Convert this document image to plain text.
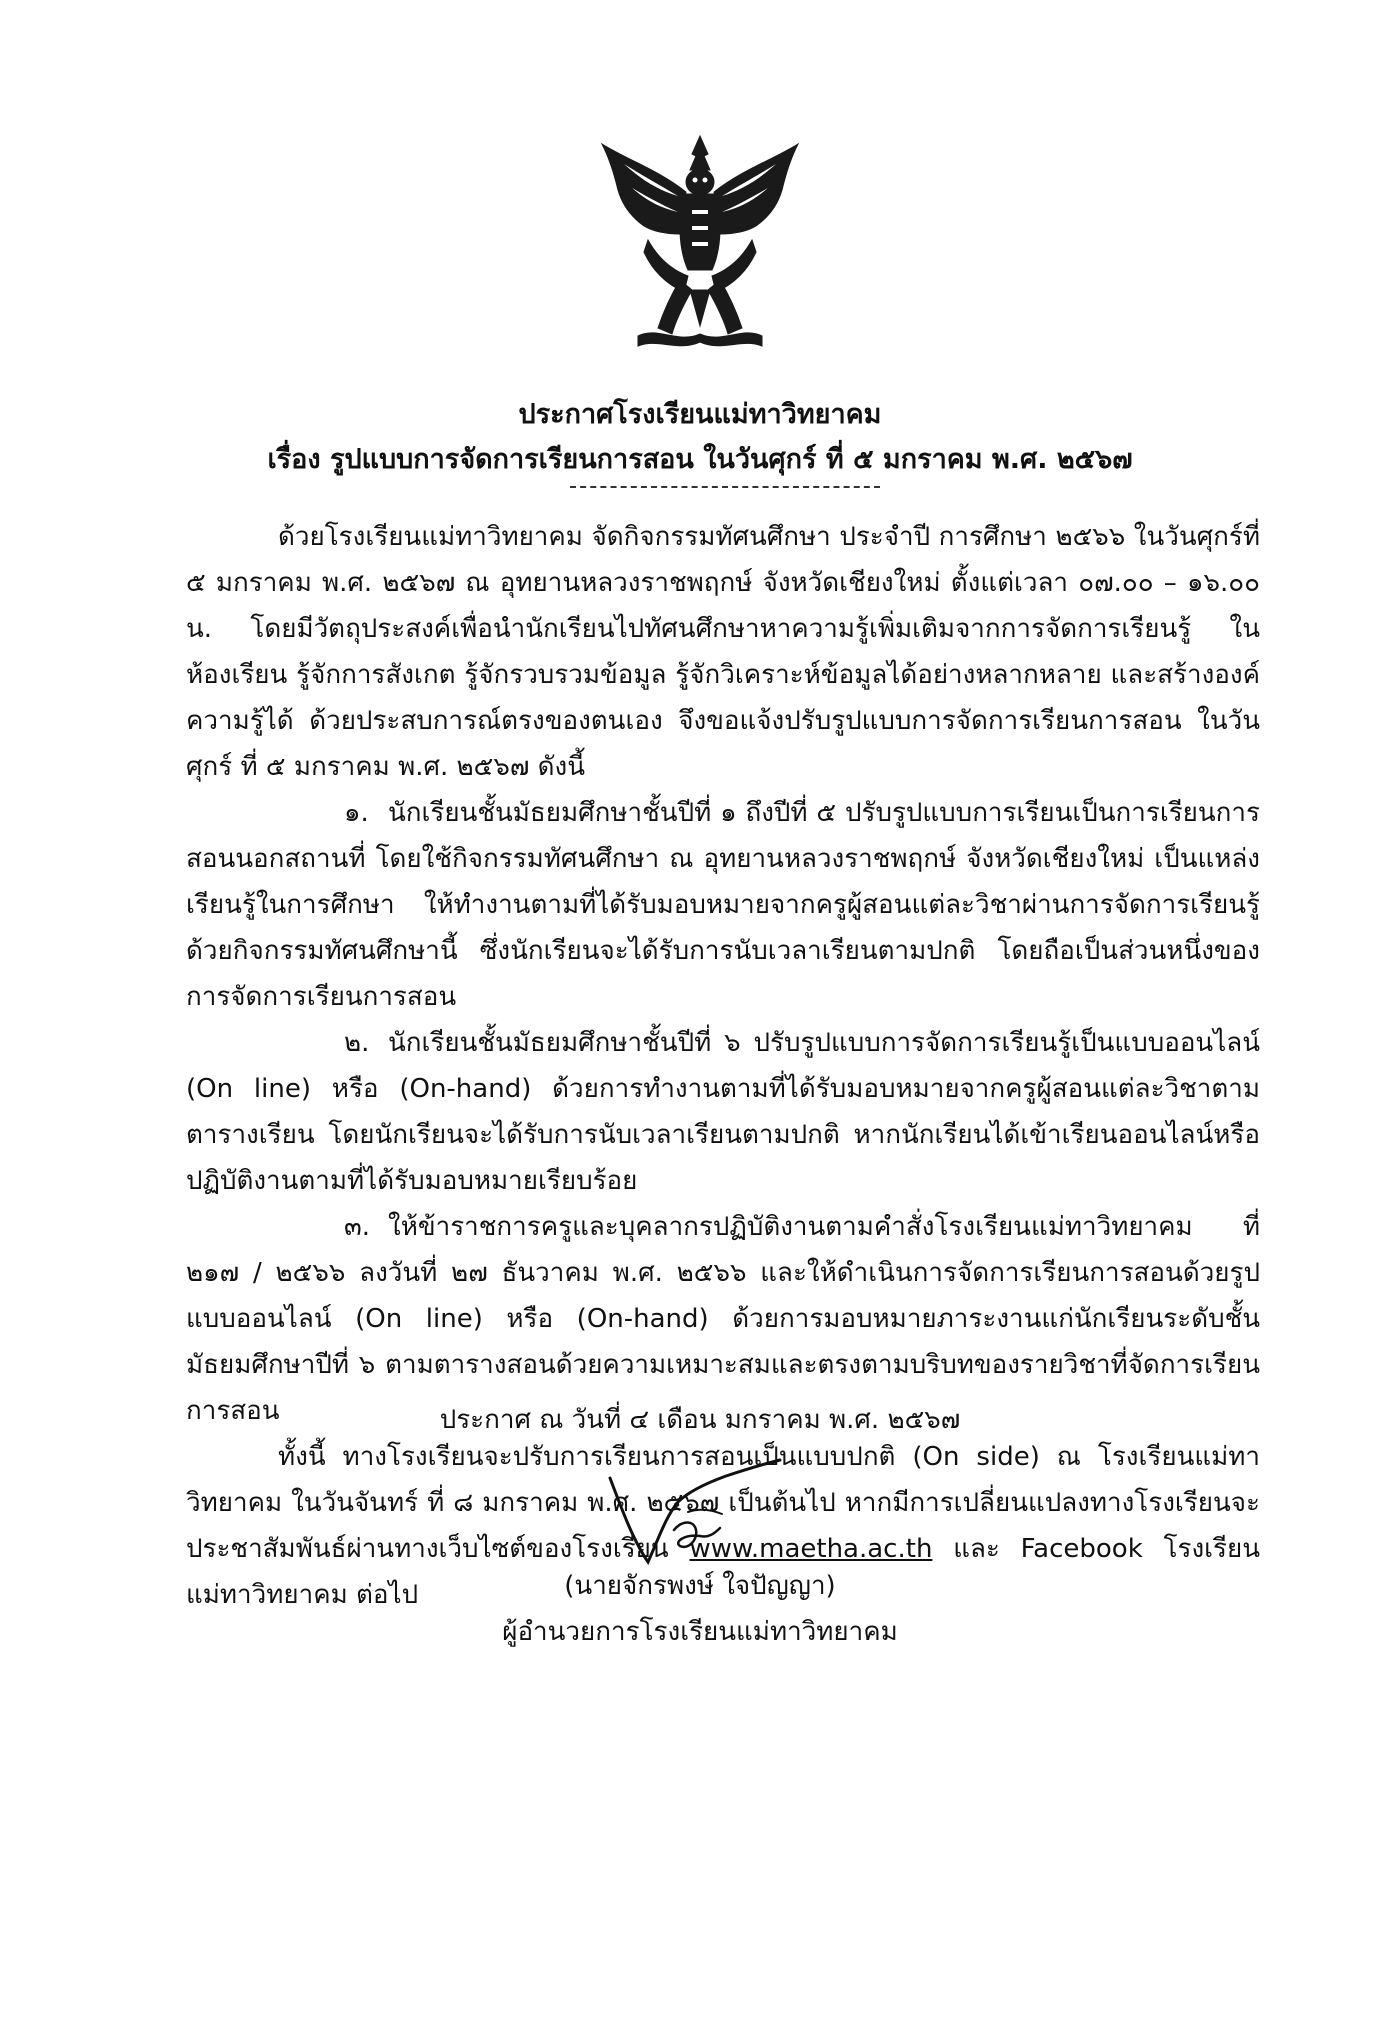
ประกาศโรงเรียนแม่ทาวิทยาคม
เรื่อง รูปแบบการจัดการเรียนการสอน ในวันศุกร์ ที่ ๕ มกราคม พ.ศ. ๒๕๖๗

ด้วยโรงเรียนแม่ทาวิทยาคม จัดกิจกรรมทัศนศึกษา ประจำปี การศึกษา ๒๕๖๖ ในวันศุกร์ที่ ๕ มกราคม พ.ศ. ๒๕๖๗ ณ อุทยานหลวงราชพฤกษ์ จังหวัดเชียงใหม่ ตั้งแต่เวลา ๐๗.๐๐ – ๑๖.๐๐ น. โดยมีวัตถุประสงค์เพื่อนำนักเรียนไปทัศนศึกษาหาความรู้เพิ่มเติมจากการจัดการเรียนรู้ ในห้องเรียน รู้จักการสังเกต รู้จักรวบรวมข้อมูล รู้จักวิเคราะห์ข้อมูลได้อย่างหลากหลาย และสร้างองค์ความรู้ได้ ด้วยประสบการณ์ตรงของตนเอง จึงขอแจ้งปรับรูปแบบการจัดการเรียนการสอน ในวันศุกร์ ที่ ๕ มกราคม พ.ศ. ๒๕๖๗ ดังนี้

๑. นักเรียนชั้นมัธยมศึกษาชั้นปีที่ ๑ ถึงปีที่ ๕ ปรับรูปแบบการเรียนเป็นการเรียนการสอนนอกสถานที่ โดยใช้กิจกรรมทัศนศึกษา ณ อุทยานหลวงราชพฤกษ์ จังหวัดเชียงใหม่ เป็นแหล่งเรียนรู้ในการศึกษา ให้ทำงานตามที่ได้รับมอบหมายจากครูผู้สอนแต่ละวิชาผ่านการจัดการเรียนรู้ด้วยกิจกรรมทัศนศึกษานี้ ซึ่งนักเรียนจะได้รับการนับเวลาเรียนตามปกติ โดยถือเป็นส่วนหนึ่งของการจัดการเรียนการสอน

๒. นักเรียนชั้นมัธยมศึกษาชั้นปีที่ ๖ ปรับรูปแบบการจัดการเรียนรู้เป็นแบบออนไลน์ (On line) หรือ (On-hand) ด้วยการทำงานตามที่ได้รับมอบหมายจากครูผู้สอนแต่ละวิชาตามตารางเรียน โดยนักเรียนจะได้รับการนับเวลาเรียนตามปกติ หากนักเรียนได้เข้าเรียนออนไลน์หรือปฏิบัติงานตามที่ได้รับมอบหมายเรียบร้อย

๓. ให้ข้าราชการครูและบุคลากรปฏิบัติงานตามคำสั่งโรงเรียนแม่ทาวิทยาคม ที่ ๒๑๗ / ๒๕๖๖ ลงวันที่ ๒๗ ธันวาคม พ.ศ. ๒๕๖๖ และให้ดำเนินการจัดการเรียนการสอนด้วยรูปแบบออนไลน์ (On line) หรือ (On-hand) ด้วยการมอบหมายภาระงานแก่นักเรียนระดับชั้นมัธยมศึกษาปีที่ ๖ ตามตารางสอนด้วยความเหมาะสมและตรงตามบริบทของรายวิชาที่จัดการเรียนการสอน

ทั้งนี้ ทางโรงเรียนจะปรับการเรียนการสอนเป็นแบบปกติ (On side) ณ โรงเรียนแม่ทาวิทยาคม ในวันจันทร์ ที่ ๘ มกราคม พ.ศ. ๒๕๖๗ เป็นต้นไป หากมีการเปลี่ยนแปลงทางโรงเรียนจะประชาสัมพันธ์ผ่านทางเว็บไซต์ของโรงเรียน www.maetha.ac.th และ Facebook โรงเรียนแม่ทาวิทยาคม ต่อไป

ประกาศ ณ วันที่ ๔ เดือน มกราคม พ.ศ. ๒๕๖๗
(นายจักรพงษ์ ใจปัญญา)
ผู้อำนวยการโรงเรียนแม่ทาวิทยาคม
